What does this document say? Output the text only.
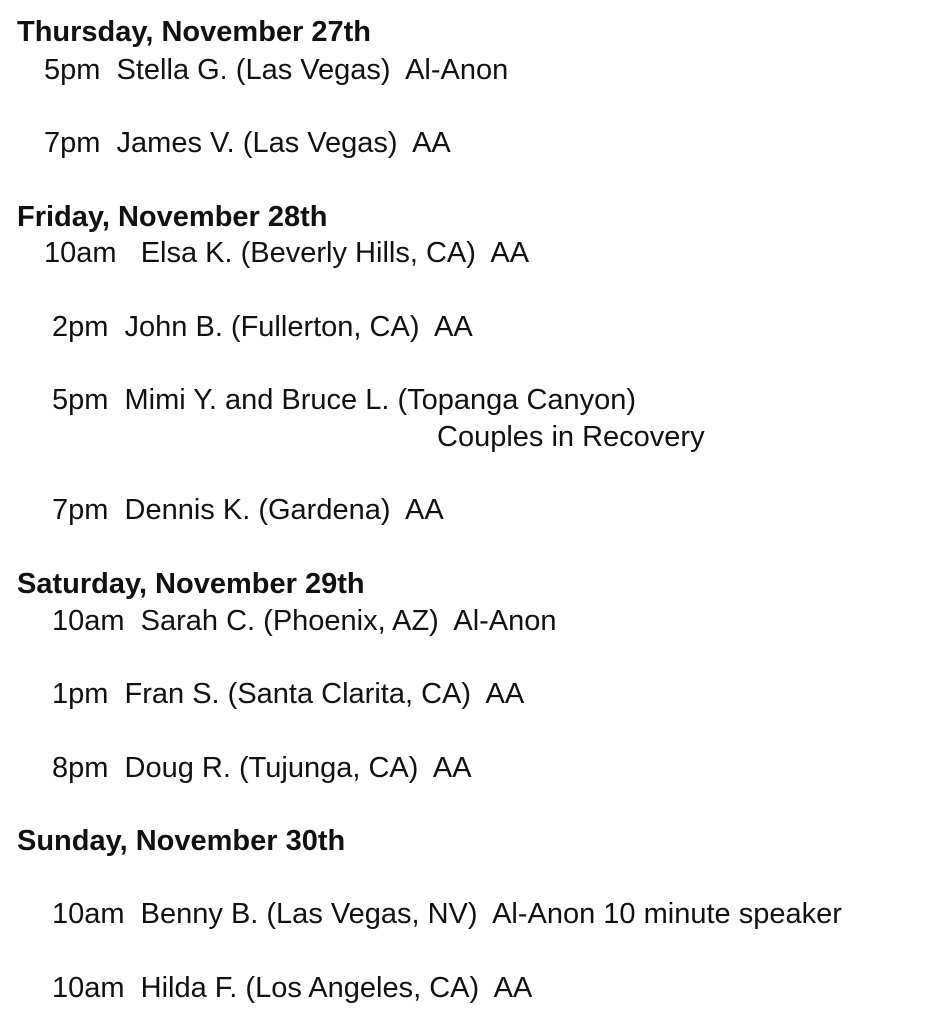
Thursday, November 27th
5pm  Stella G. (Las Vegas)  Al-Anon
7pm  James V. (Las Vegas)  AA
Friday, November 28th
10am   Elsa K. (Beverly Hills, CA)  AA
2pm  John B. (Fullerton, CA)  AA
5pm  Mimi Y. and Bruce L. (Topanga Canyon)
Couples in Recovery
7pm  Dennis K. (Gardena)  AA
Saturday, November 29th
10am  Sarah C. (Phoenix, AZ)  Al-Anon
1pm  Fran S. (Santa Clarita, CA)  AA
8pm  Doug R. (Tujunga, CA)  AA
Sunday, November 30th
10am  Benny B. (Las Vegas, NV)  Al-Anon 10 minute speaker
10am  Hilda F. (Los Angeles, CA)  AA
